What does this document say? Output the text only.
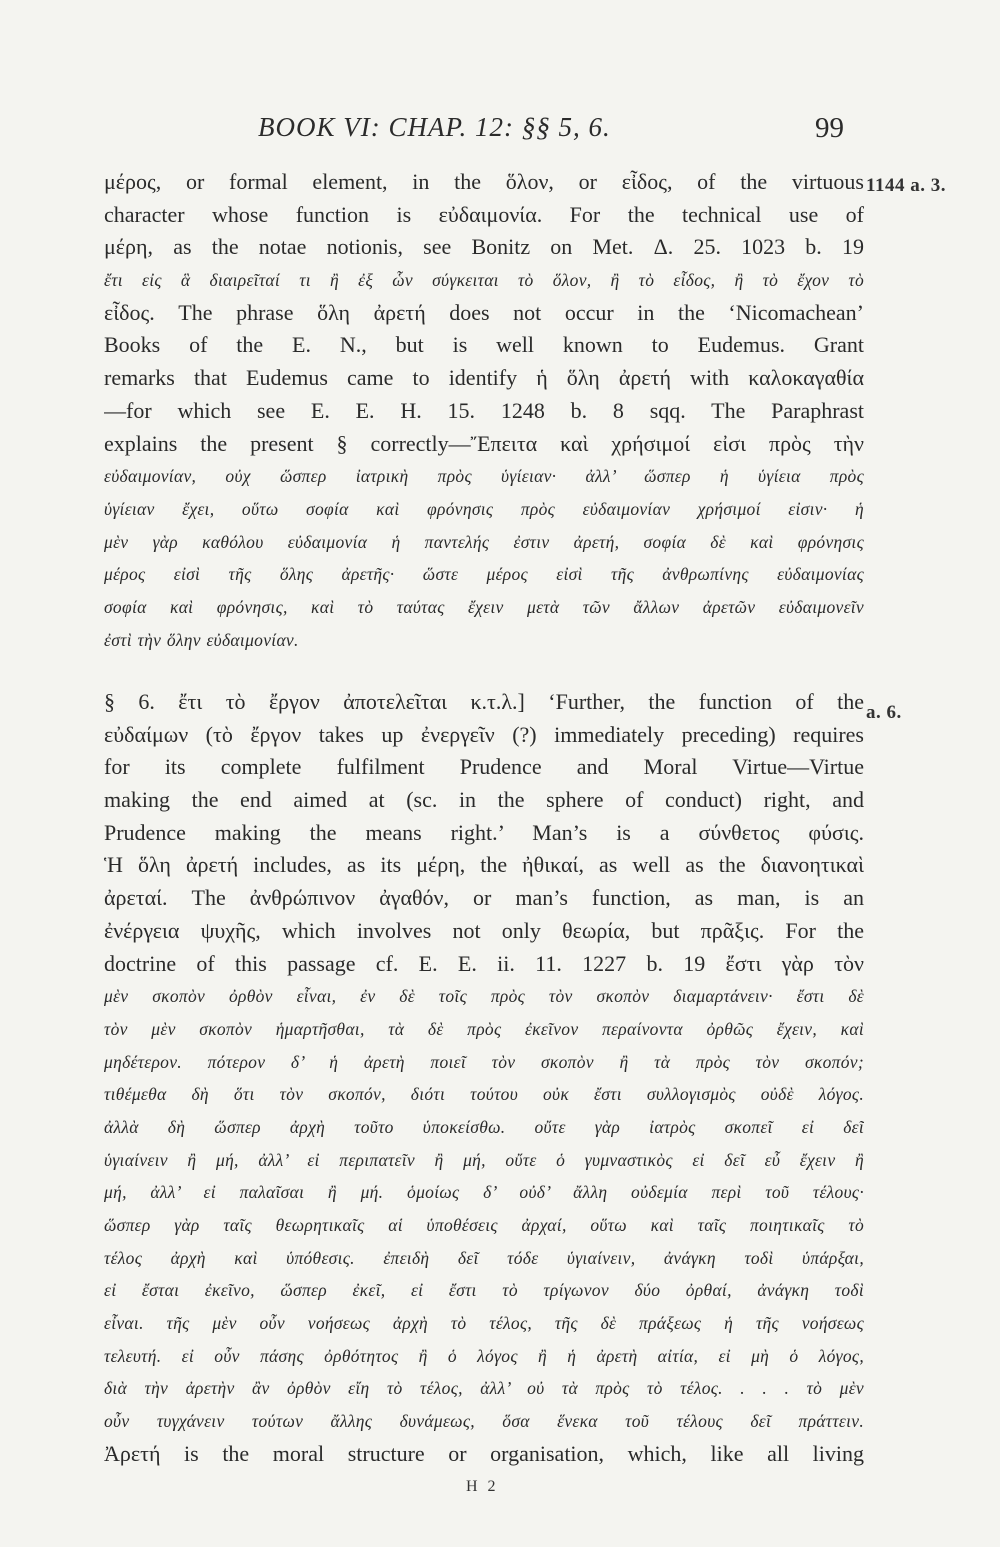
BOOK VI: CHAP. 12: §§ 5, 6.	99
1144 a. 3.
a. 6.
μέρος, or formal element, in the ὅλον, or εἶδος, of the virtuous
character whose function is εὐδαιμονία. For the technical use of
μέρη, as the notae notionis, see Bonitz on Met. Δ. 25. 1023 b. 19
ἔτι εἰς ἃ διαιρεῖταί τι ἢ ἐξ ὧν σύγκειται τὸ ὅλον, ἢ τὸ εἶδος, ἢ τὸ ἔχον τὸ
εἶδος. The phrase ὅλη ἀρετή does not occur in the ‘Nicomachean’
Books of the E. N., but is well known to Eudemus. Grant
remarks that Eudemus came to identify ἡ ὅλη ἀρετή with καλοκαγαθία
—for which see E. E. H. 15. 1248 b. 8 sqq. The Paraphrast
explains the present § correctly—Ἔπειτα καὶ χρήσιμοί εἰσι πρὸς τὴν
εὐδαιμονίαν, οὐχ ὥσπερ ἰατρικὴ πρὸς ὑγίειαν· ἀλλ’ ὥσπερ ἡ ὑγίεια πρὸς
ὑγίειαν ἔχει, οὕτω σοφία καὶ φρόνησις πρὸς εὐδαιμονίαν χρήσιμοί εἰσιν· ἡ
μὲν γὰρ καθόλου εὐδαιμονία ἡ παντελής ἐστιν ἀρετή, σοφία δὲ καὶ φρόνησις
μέρος εἰσὶ τῆς ὅλης ἀρετῆς· ὥστε μέρος εἰσὶ τῆς ἀνθρωπίνης εὐδαιμονίας
σοφία καὶ φρόνησις, καὶ τὸ ταύτας ἔχειν μετὰ τῶν ἄλλων ἀρετῶν εὐδαιμονεῖν
ἐστὶ τὴν ὅλην εὐδαιμονίαν.
§ 6. ἔτι τὸ ἔργον ἀποτελεῖται κ.τ.λ.] ‘Further, the function of the
εὐδαίμων (τὸ ἔργον takes up ἐνεργεῖν (?) immediately preceding) requires
for its complete fulfilment Prudence and Moral Virtue—Virtue
making the end aimed at (sc. in the sphere of conduct) right, and
Prudence making the means right.’ Man’s is a σύνθετος φύσις.
Ἡ ὅλη ἀρετή includes, as its μέρη, the ἠθικαί, as well as the διανοητικαὶ
ἀρεταί. The ἀνθρώπινον ἀγαθόν, or man’s function, as man, is an
ἐνέργεια ψυχῆς, which involves not only θεωρία, but πρᾶξις. For the
doctrine of this passage cf. E. E. ii. 11. 1227 b. 19 ἔστι γὰρ τὸν
μὲν σκοπὸν ὀρθὸν εἶναι, ἐν δὲ τοῖς πρὸς τὸν σκοπὸν διαμαρτάνειν· ἔστι δὲ
τὸν μὲν σκοπὸν ἡμαρτῆσθαι, τὰ δὲ πρὸς ἐκεῖνον περαίνοντα ὀρθῶς ἔχειν, καὶ
μηδέτερον. πότερον δ’ ἡ ἀρετὴ ποιεῖ τὸν σκοπὸν ἢ τὰ πρὸς τὸν σκοπόν;
τιθέμεθα δὴ ὅτι τὸν σκοπόν, διότι τούτου οὐκ ἔστι συλλογισμὸς οὐδὲ λόγος.
ἀλλὰ δὴ ὥσπερ ἀρχὴ τοῦτο ὑποκείσθω. οὔτε γὰρ ἰατρὸς σκοπεῖ εἰ δεῖ
ὑγιαίνειν ἢ μή, ἀλλ’ εἰ περιπατεῖν ἢ μή, οὔτε ὁ γυμναστικὸς εἰ δεῖ εὖ ἔχειν ἢ
μή, ἀλλ’ εἰ παλαῖσαι ἢ μή. ὁμοίως δ’ οὐδ’ ἄλλη οὐδεμία περὶ τοῦ τέλους·
ὥσπερ γὰρ ταῖς θεωρητικαῖς αἱ ὑποθέσεις ἀρχαί, οὕτω καὶ ταῖς ποιητικαῖς τὸ
τέλος ἀρχὴ καὶ ὑπόθεσις. ἐπειδὴ δεῖ τόδε ὑγιαίνειν, ἀνάγκη τοδὶ ὑπάρξαι,
εἰ ἔσται ἐκεῖνο, ὥσπερ ἐκεῖ, εἰ ἔστι τὸ τρίγωνον δύο ὀρθαί, ἀνάγκη τοδὶ
εἶναι. τῆς μὲν οὖν νοήσεως ἀρχὴ τὸ τέλος, τῆς δὲ πράξεως ἡ τῆς νοήσεως
τελευτή. εἰ οὖν πάσης ὀρθότητος ἢ ὁ λόγος ἢ ἡ ἀρετὴ αἰτία, εἰ μὴ ὁ λόγος,
διὰ τὴν ἀρετὴν ἂν ὀρθὸν εἴη τὸ τέλος, ἀλλ’ οὐ τὰ πρὸς τὸ τέλος. . . . τὸ μὲν
οὖν τυγχάνειν τούτων ἄλλης δυνάμεως, ὅσα ἕνεκα τοῦ τέλους δεῖ πράττειν.
Ἀρετή is the moral structure or organisation, which, like all living
H 2
